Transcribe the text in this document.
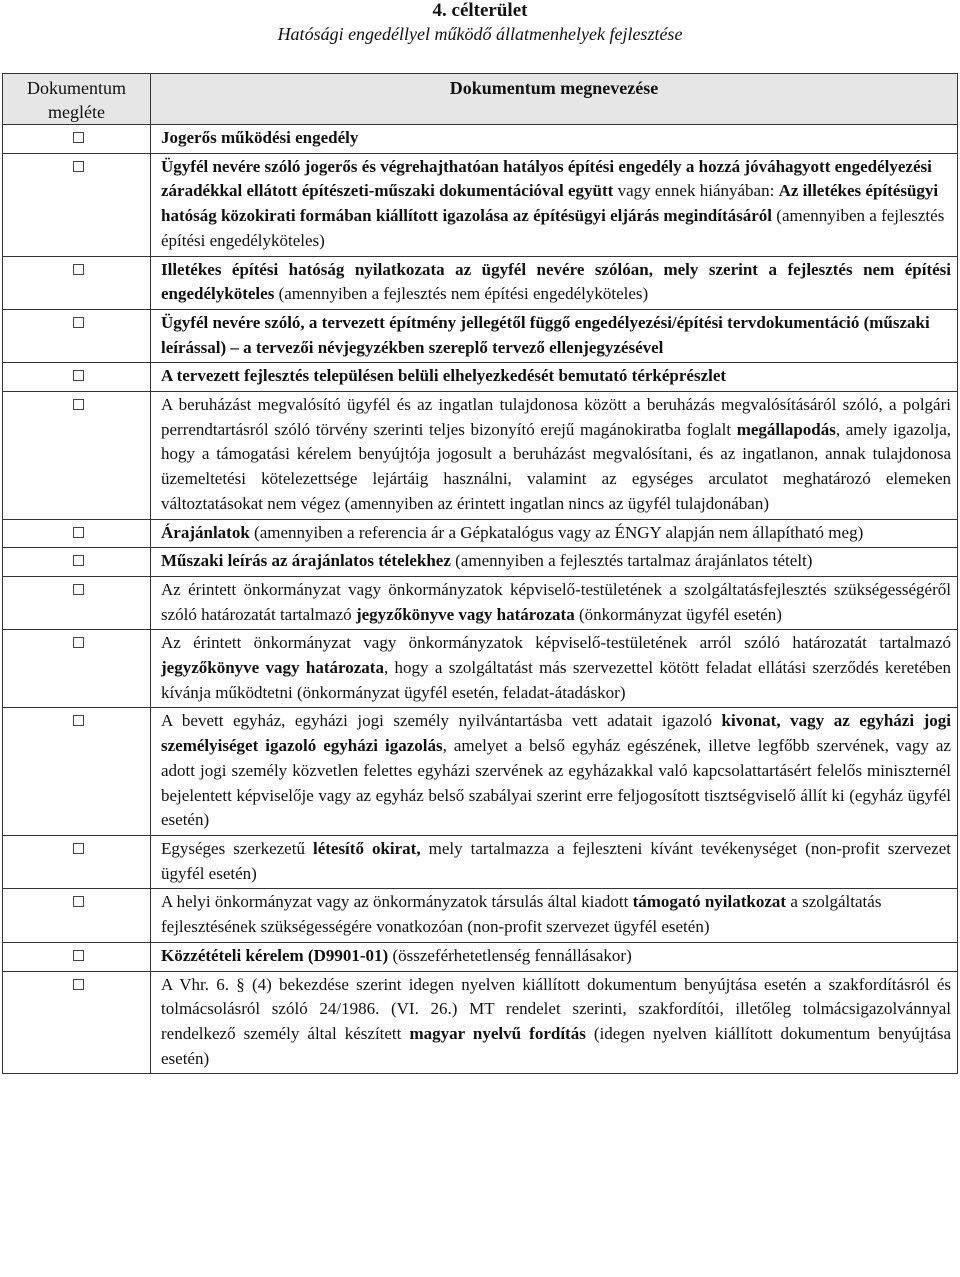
4. célterület
Hatósági engedéllyel működő állatmenhelyek fejlesztése
Dokumentum megléte	Dokumentum megnevezése
	Jogerős működési engedély
	Ügyfél nevére szóló jogerős és végrehajthatóan hatályos építési engedély a hozzá jóváhagyott engedélyezési záradékkal ellátott építészeti-műszaki dokumentációval együtt vagy ennek hiányában: Az illetékes építésügyi hatóság közokirati formában kiállított igazolása az építésügyi eljárás megindításáról (amennyiben a fejlesztés építési engedélyköteles)
	Illetékes építési hatóság nyilatkozata az ügyfél nevére szólóan, mely szerint a fejlesztés nem építési engedélyköteles (amennyiben a fejlesztés nem építési engedélyköteles)
	Ügyfél nevére szóló, a tervezett építmény jellegétől függő engedélyezési/építési tervdokumentáció (műszaki leírással) – a tervezői névjegyzékben szereplő tervező ellenjegyzésével
	A tervezett fejlesztés településen belüli elhelyezkedését bemutató térképrészlet
	A beruházást megvalósító ügyfél és az ingatlan tulajdonosa között a beruházás megvalósításáról szóló, a polgári perrendtartásról szóló törvény szerinti teljes bizonyító erejű magánokiratba foglalt megállapodás, amely igazolja, hogy a támogatási kérelem benyújtója jogosult a beruházást megvalósítani, és az ingatlanon, annak tulajdonosa üzemeltetési kötelezettsége lejártáig használni, valamint az egységes arculatot meghatározó elemeken változtatásokat nem végez (amennyiben az érintett ingatlan nincs az ügyfél tulajdonában)
	Árajánlatok (amennyiben a referencia ár a Gépkatalógus vagy az ÉNGY alapján nem állapítható meg)
	Műszaki leírás az árajánlatos tételekhez (amennyiben a fejlesztés tartalmaz árajánlatos tételt)
	Az érintett önkormányzat vagy önkormányzatok képviselő-testületének a szolgáltatásfejlesztés szükségességéről szóló határozatát tartalmazó jegyzőkönyve vagy határozata (önkormányzat ügyfél esetén)
	Az érintett önkormányzat vagy önkormányzatok képviselő-testületének arról szóló határozatát tartalmazó jegyzőkönyve vagy határozata, hogy a szolgáltatást más szervezettel kötött feladat ellátási szerződés keretében kívánja működtetni (önkormányzat ügyfél esetén, feladat-átadáskor)
	A bevett egyház, egyházi jogi személy nyilvántartásba vett adatait igazoló kivonat, vagy az egyházi jogi személyiséget igazoló egyházi igazolás, amelyet a belső egyház egészének, illetve legfőbb szervének, vagy az adott jogi személy közvetlen felettes egyházi szervének az egyházakkal való kapcsolattartásért felelős miniszternél bejelentett képviselője vagy az egyház belső szabályai szerint erre feljogosított tisztségviselő állít ki (egyház ügyfél esetén)
	Egységes szerkezetű létesítő okirat, mely tartalmazza a fejleszteni kívánt tevékenységet (non-profit szervezet ügyfél esetén)
	A helyi önkormányzat vagy az önkormányzatok társulás által kiadott támogató nyilatkozat a szolgáltatás fejlesztésének szükségességére vonatkozóan (non-profit szervezet ügyfél esetén)
	Közzétételi kérelem (D9901-01) (összeférhetetlenség fennállásakor)
	A Vhr. 6. § (4) bekezdése szerint idegen nyelven kiállított dokumentum benyújtása esetén a szakfordításról és tolmácsolásról szóló 24/1986. (VI. 26.) MT rendelet szerinti, szakfordítói, illetőleg tolmácsigazolvánnyal rendelkező személy által készített magyar nyelvű fordítás (idegen nyelven kiállított dokumentum benyújtása esetén)
